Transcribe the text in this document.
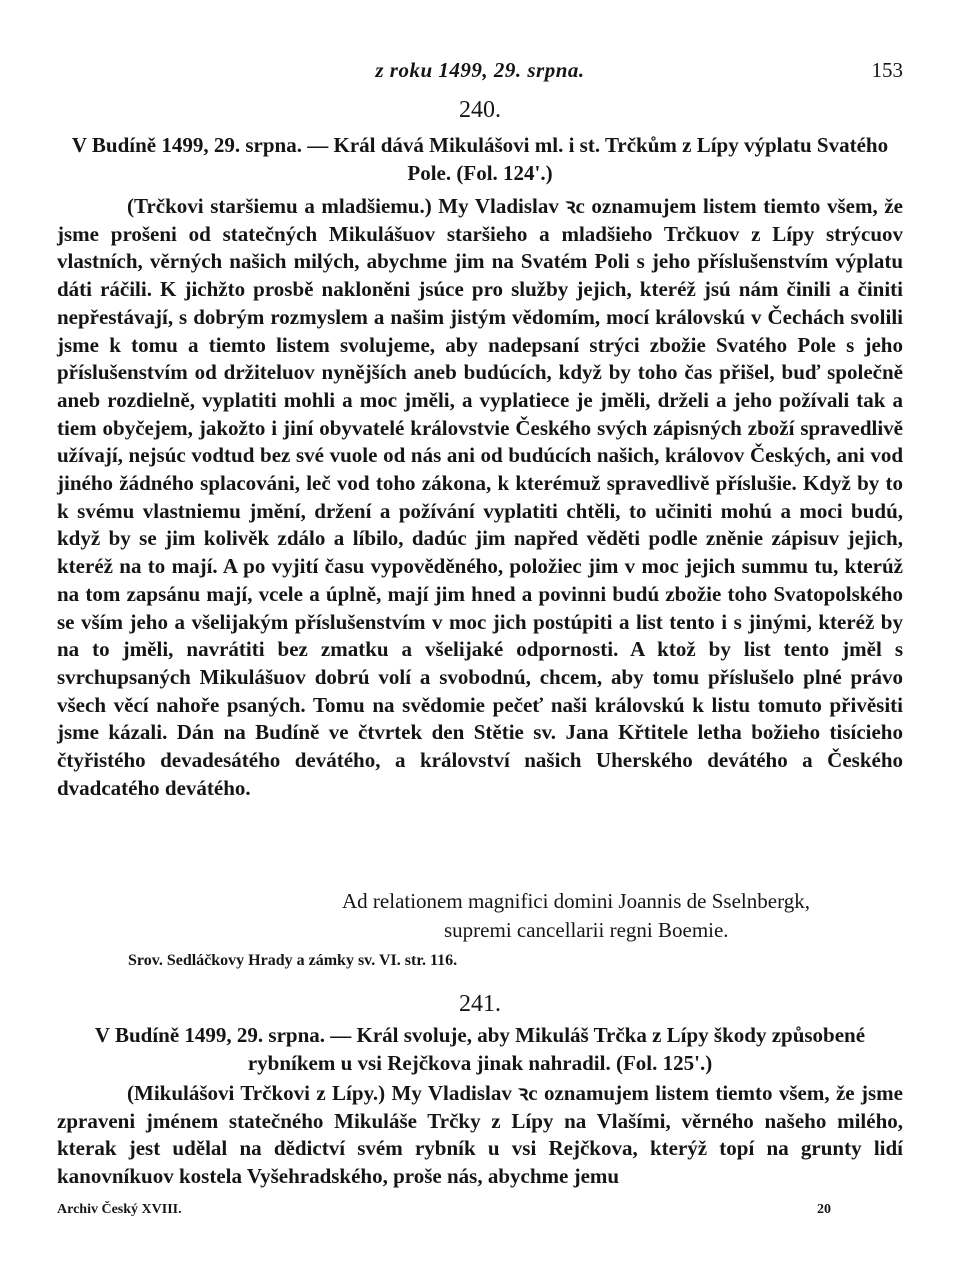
z roku 1499, 29. srpna.	153
240.

V Budíně 1499, 29. srpna. — Král dává Mikulášovi ml. i st. Trčkům z Lípy výplatu Svatého Pole. (Fol. 124'.)

(Trčkovi staršiemu a mladšiemu.) My Vladislav ꝛc oznamujem listem tiemto všem, že jsme prošeni od statečných Mikulášuov staršieho a mladšieho Trčkuov z Lípy strýcuov vlastních, věrných našich milých, abychme jim na Svatém Poli s jeho příslušenstvím výplatu dáti ráčili. K jichžto prosbě nakloněni jsúce pro služby jejich, kteréž jsú nám činili a činiti nepřestávají, s dobrým rozmyslem a našim jistým vědomím, mocí královskú v Čechách svolili jsme k tomu a tiemto listem svolujeme, aby nadepsaní strýci zbožie Svatého Pole s jeho příslušenstvím od držiteluov nynějších aneb budúcích, když by toho čas přišel, buď společně aneb rozdielně, vyplatiti mohli a moc jměli, a vyplatiece je jměli, drželi a jeho požívali tak a tiem obyčejem, jakožto i jiní obyvatelé královstvie Českého svých zápisných zboží spravedlivě užívají, nejsúc vodtud bez své vuole od nás ani od budúcích našich, královov Českých, ani vod jiného žádného splacováni, leč vod toho zákona, k kterémuž spravedlivě příslušie. Když by to k svému vlastniemu jmění, držení a požívání vyplatiti chtěli, to učiniti mohú a moci budú, když by se jim kolivěk zdálo a líbilo, dadúc jim napřed věděti podle zněnie zápisuv jejich, kteréž na to mají. A po vyjití času vypověděného, položiec jim v moc jejich summu tu, kterúž na tom zapsánu mají, vcele a úplně, mají jim hned a povinni budú zbožie toho Svatopolského se vším jeho a všelijakým příslušenstvím v moc jich postúpiti a list tento i s jinými, kteréž by na to jměli, navrátiti bez zmatku a všelijaké odpornosti. A ktož by list tento jměl s svrchupsaných Mikulášuov dobrú volí a svobodnú, chcem, aby tomu příslušelo plné právo všech věcí nahoře psaných. Tomu na svědomie pečeť naši královskú k listu tomuto přivěsiti jsme kázali. Dán na Budíně ve čtvrtek den Stětie sv. Jana Křtitele letha božieho tisícieho čtyřistého devadesátého devátého, a království našich Uherského devátého a Českého dvadcatého devátého.

Ad relationem magnifici domini Joannis de Sselnbergk,
supremi cancellarii regni Boemie.

Srov. Sedláčkovy Hrady a zámky sv. VI. str. 116.

241.

V Budíně 1499, 29. srpna. — Král svoluje, aby Mikuláš Trčka z Lípy škody způsobené rybníkem u vsi Rejčkova jinak nahradil. (Fol. 125'.)

(Mikulášovi Trčkovi z Lípy.) My Vladislav ꝛc oznamujem listem tiemto všem, že jsme zpraveni jménem statečného Mikuláše Trčky z Lípy na Vlašími, věrného našeho milého, kterak jest udělal na dědictví svém rybník u vsi Rejčkova, kterýž topí na grunty lidí kanovníkuov kostela Vyšehradského, proše nás, abychme jemu

Archiv Český XVIII.	20
